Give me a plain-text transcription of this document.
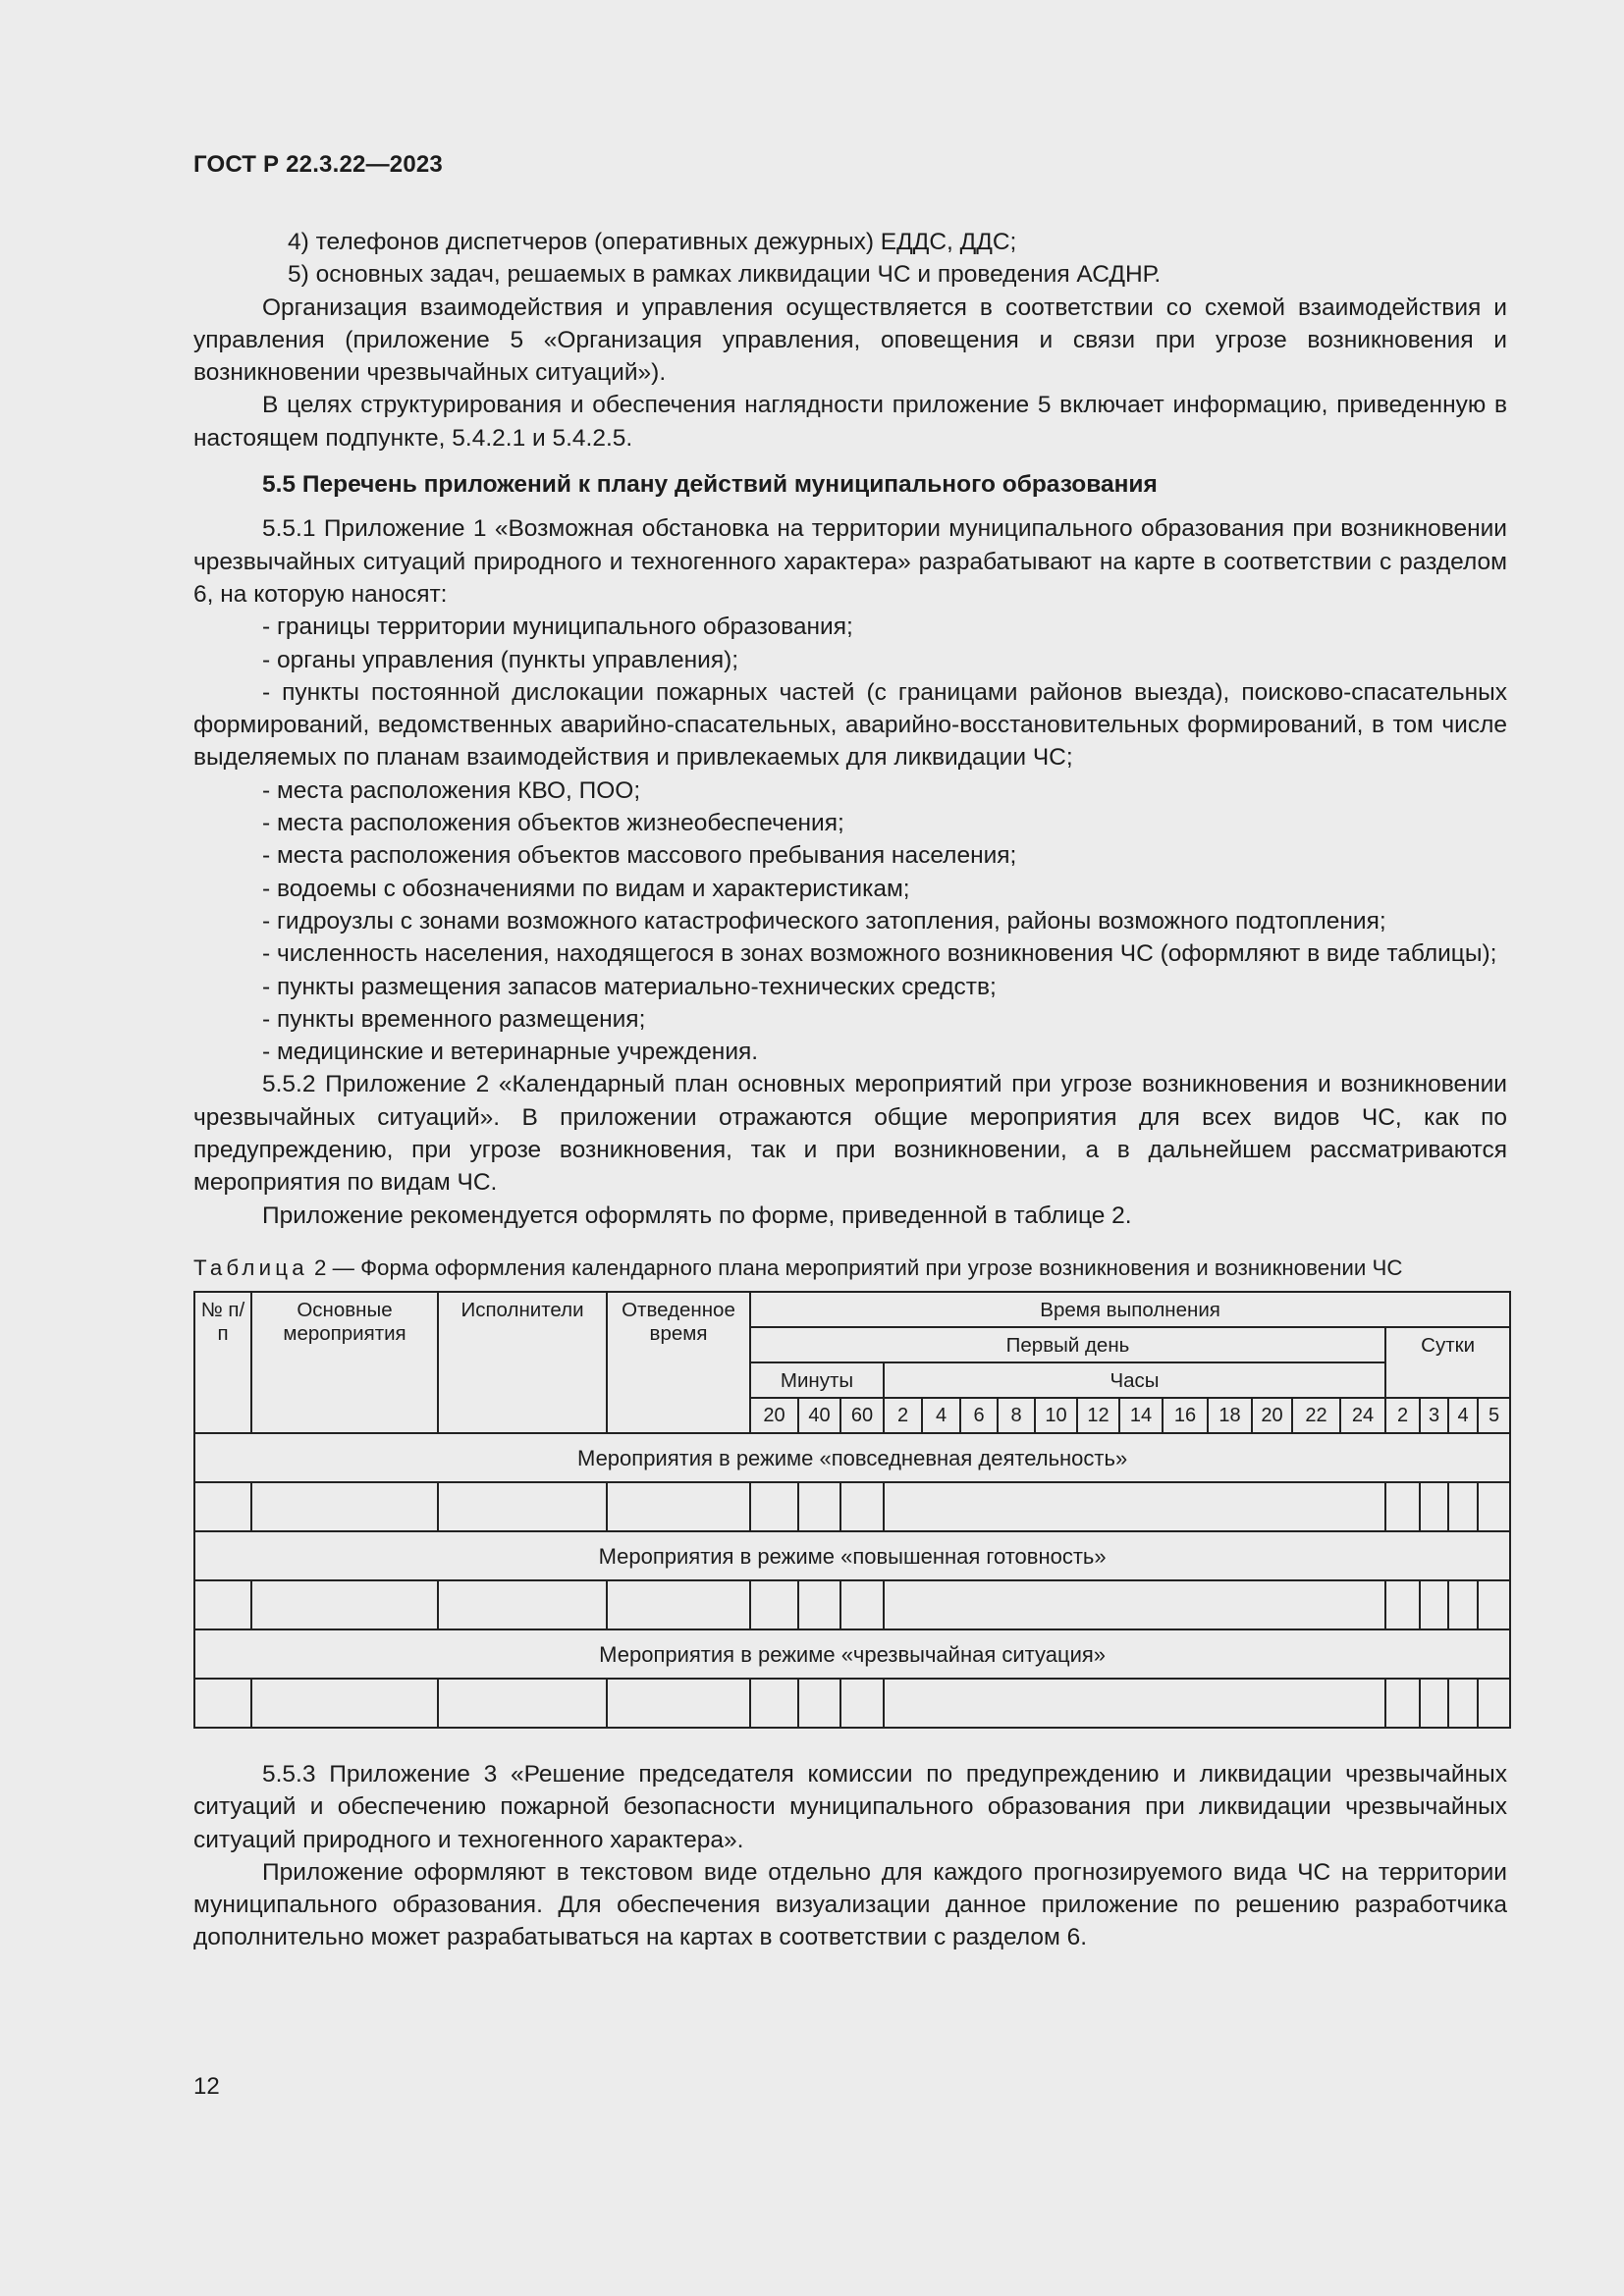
ГОСТ Р 22.3.22—2023

4) телефонов диспетчеров (оперативных дежурных) ЕДДС, ДДС;

5) основных задач, решаемых в рамках ликвидации ЧС и проведения АСДНР.

Организация взаимодействия и управления осуществляется в соответствии со схемой взаимодействия и управления (приложение 5 «Организация управления, оповещения и связи при угрозе возникновения и возникновении чрезвычайных ситуаций»).

В целях структурирования и обеспечения наглядности приложение 5 включает информацию, приведенную в настоящем подпункте, 5.4.2.1 и 5.4.2.5.

5.5 Перечень приложений к плану действий муниципального образования

5.5.1 Приложение 1 «Возможная обстановка на территории муниципального образования при возникновении чрезвычайных ситуаций природного и техногенного характера» разрабатывают на карте в соответствии с разделом 6, на которую наносят:

- границы территории муниципального образования;

- органы управления (пункты управления);

- пункты постоянной дислокации пожарных частей (с границами районов выезда), поисково-спасательных формирований, ведомственных аварийно-спасательных, аварийно-восстановительных формирований, в том числе выделяемых по планам взаимодействия и привлекаемых для ликвидации ЧС;

- места расположения КВО, ПОО;

- места расположения объектов жизнеобеспечения;

- места расположения объектов массового пребывания населения;

- водоемы с обозначениями по видам и характеристикам;

- гидроузлы с зонами возможного катастрофического затопления, районы возможного подтопления;

- численность населения, находящегося в зонах возможного возникновения ЧС (оформляют в виде таблицы);

- пункты размещения запасов материально-технических средств;

- пункты временного размещения;

- медицинские и ветеринарные учреждения.

5.5.2 Приложение 2 «Календарный план основных мероприятий при угрозе возникновения и возникновении чрезвычайных ситуаций». В приложении отражаются общие мероприятия для всех видов ЧС, как по предупреждению, при угрозе возникновения, так и при возникновении, а в дальнейшем рассматриваются мероприятия по видам ЧС.

Приложение рекомендуется оформлять по форме, приведенной в таблице 2.

Таблица 2 — Форма оформления календарного плана мероприятий при угрозе возникновения и возникновении ЧС
№ п/п	Основные мероприятия	Исполнители	Отведенное время	Время выполнения																		
				Первый день															Сутки			
				Минуты			Часы															
				20	40	60	2	4	6	8	10	12	14	16	18	20	22	24	2	3	4	5
Мероприятия в режиме «повседневная деятельность»																						

Мероприятия в режиме «повышенная готовность»																						

Мероприятия в режиме «чрезвычайная ситуация»																						

5.5.3 Приложение 3 «Решение председателя комиссии по предупреждению и ликвидации чрезвычайных ситуаций и обеспечению пожарной безопасности муниципального образования при ликвидации чрезвычайных ситуаций природного и техногенного характера».

Приложение оформляют в текстовом виде отдельно для каждого прогнозируемого вида ЧС на территории муниципального образования. Для обеспечения визуализации данное приложение по решению разработчика дополнительно может разрабатываться на картах в соответствии с разделом 6.

12
